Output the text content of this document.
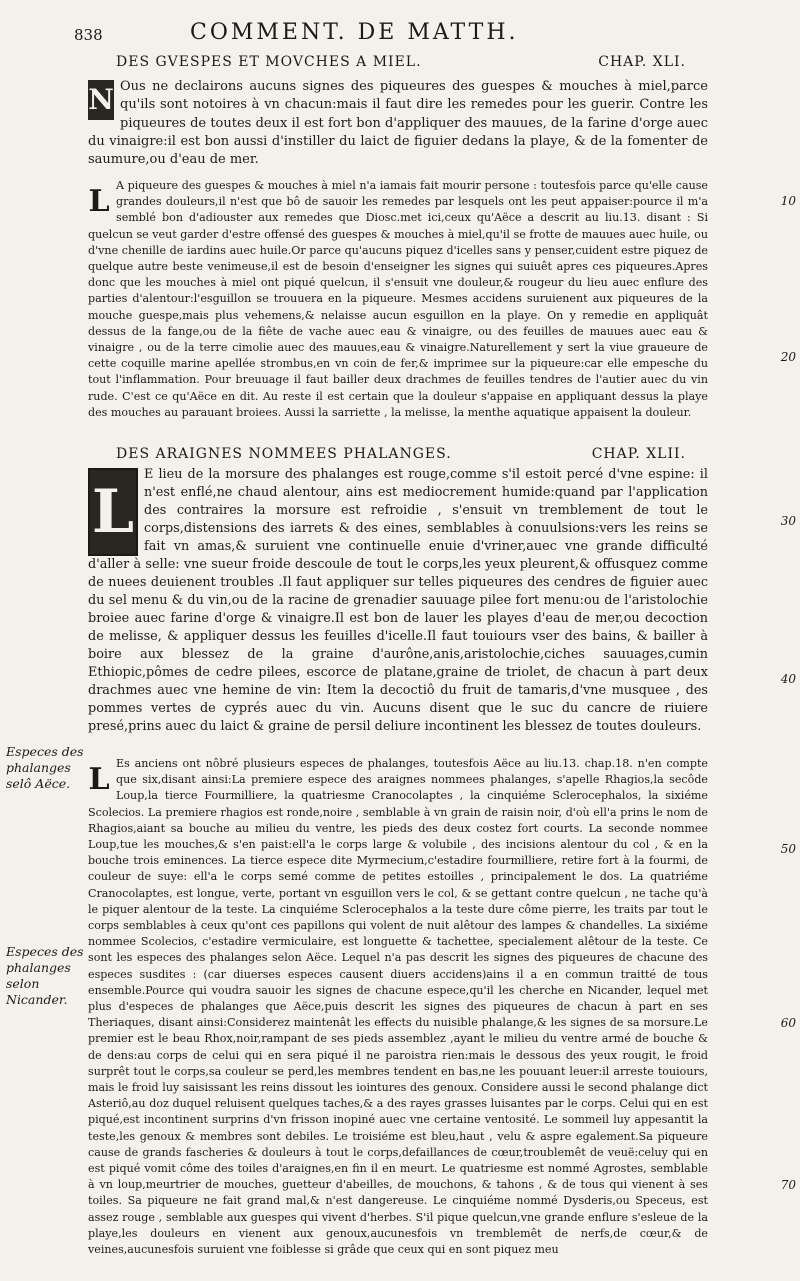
838	COMMENT. DE MATTH.
DES GVESPES ET MOVCHES A MIEL.	CHAP. XLI.

N Ous ne declairons aucuns signes des piqueures des guespes & mouches à miel,parce qu'ils sont notoires à vn chacun:mais il faut dire les remedes pour les guerir. Contre les piqueures de toutes deux il est fort bon d'appliquer des mauues, de la farine d'orge auec du vinaigre:il est bon aussi d'instiller du laict de figuier dedans la playe, & de la fomenter de saumure,ou d'eau de mer.

L A piqueure des guespes & mouches à miel n'a iamais fait mourir persone : toutesfois parce qu'elle cause grandes douleurs,il n'est que bô de sauoir les remedes par lesquels ont les peut appaiser:pource il m'a semblé bon d'adiouster aux remedes que Diosc.met ici,ceux qu'Aëce a descrit au liu.13. disant : Si quelcun se veut garder d'estre offensé des guespes & mouches à miel,qu'il se frotte de mauues auec huile, ou d'vne chenille de iardins auec huile.Or parce qu'aucuns piquez d'icelles sans y penser,cuident estre piquez de quelque autre beste venimeuse,il est de besoin d'enseigner les signes qui suiuêt apres ces piqueures.Apres donc que les mouches à miel ont piqué quelcun, il s'ensuit vne douleur,& rougeur du lieu auec enflure des parties d'alentour:l'esguillon se trouuera en la piqueure. Mesmes accidens suruienent aux piqueures de la mouche guespe,mais plus vehemens,& nelaisse aucun esguillon en la playe. On y remedie en appliquât dessus de la fange,ou de la fiête de vache auec eau & vinaigre, ou des feuilles de mauues auec eau & vinaigre , ou de la terre cimolie auec des mauues,eau & vinaigre.Naturellement y sert la viue graueure de cette coquille marine apellée strombus,en vn coin de fer,& imprimee sur la piqueure:car elle empesche du tout l'inflammation. Pour breuuage il faut bailler deux drachmes de feuilles tendres de l'autier auec du vin rude. C'est ce qu'Aëce en dit. Au reste il est certain que la douleur s'appaise en appliquant dessus la playe des mouches au parauant broiees. Aussi la sarriette , la melisse, la menthe aquatique appaisent la douleur.

DES ARAIGNES NOMMEES PHALANGES.	CHAP. XLII.

L
E lieu de la morsure des phalanges est rouge,comme s'il estoit percé d'vne espine: il n'est enflé,ne chaud alentour, ains est mediocrement humide:quand par l'application des contraires la morsure est refroidie , s'ensuit vn tremblement de tout le corps,distensions des iarrets & des eines, semblables à conuulsions:vers les reins se fait vn amas,& suruient vne continuelle enuie d'vriner,auec vne grande difficulté d'aller à selle: vne sueur froide descoule de tout le corps,les yeux pleurent,& offusquez comme de nuees deuienent troubles .Il faut appliquer sur telles piqueures des cendres de figuier auec du sel menu & du vin,ou de la racine de grenadier sauuage pilee fort menu:ou de l'aristolochie broiee auec farine d'orge & vinaigre.Il est bon de lauer les playes d'eau de mer,ou decoction de melisse, & appliquer dessus les feuilles d'icelle.Il faut touiours vser des bains, & bailler à boire aux blessez de la graine d'aurône,anis,aristolochie,ciches sauuages,cumin Ethiopic,pômes de cedre pilees, escorce de platane,graine de triolet, de chacun à part deux drachmes auec vne hemine de vin: Item la decoctiô du fruit de tamaris,d'vne musquee , des pommes vertes de cyprés auec du vin. Aucuns disent que le suc du cancre de riuiere presé,prins auec du laict & graine de persil deliure incontinent les blessez de toutes douleurs.

L Es anciens ont nôbré plusieurs especes de phalanges, toutesfois Aëce au liu.13. chap.18. n'en compte que six,disant ainsi:La premiere espece des araignes nommees phalanges, s'apelle Rhagios,la secôde Loup,la tierce Fourmilliere, la quatriesme Cranocolaptes , la cinquiéme Sclerocephalos, la sixiéme Scolecios. La premiere rhagios est ronde,noire , semblable à vn grain de raisin noir, d'où ell'a prins le nom de Rhagios,aiant sa bouche au milieu du ventre, les pieds des deux costez fort courts. La seconde nommee Loup,tue les mouches,& s'en paist:ell'a le corps large & volubile , des incisions alentour du col , & en la bouche trois eminences. La tierce espece dite Myrmecium,c'estadire fourmilliere, retire fort à la fourmi, de couleur de suye: ell'a le corps semé comme de petites estoilles , principalement le dos. La quatriéme Cranocolaptes, est longue, verte, portant vn esguillon vers le col, & se gettant contre quelcun , ne tache qu'à le piquer alentour de la teste. La cinquiéme Sclerocephalos a la teste dure côme pierre, les traits par tout le corps semblables à ceux qu'ont ces papillons qui volent de nuit alêtour des lampes & chandelles. La sixiéme nommee Scolecios, c'estadire vermiculaire, est longuette & tachettee, specialement alêtour de la teste. Ce sont les especes des phalanges selon Aëce. Lequel n'a pas descrit les signes des piqueures de chacune des especes susdites : (car diuerses especes causent diuers accidens)ains il a en commun traitté de tous ensemble.Pource qui voudra sauoir les signes de chacune espece,qu'il les cherche en Nicander, lequel met plus d'especes de phalanges que Aëce,puis descrit les signes des piqueures de chacun à part en ses Theriaques, disant ainsi:Considerez maintenât les effects du nuisible phalange,& les signes de sa morsure.Le premier est le beau Rhox,noir,rampant de ses pieds assemblez ,ayant le milieu du ventre armé de bouche & de dens:au corps de celui qui en sera piqué il ne paroistra rien:mais le dessous des yeux rougit, le froid surprêt tout le corps,sa couleur se perd,les membres tendent en bas,ne les pouuant leuer:il arreste touiours, mais le froid luy saisissant les reins dissout les iointures des genoux. Considere aussi le second phalange dict Asteriô,au doz duquel reluisent quelques taches,& a des rayes grasses luisantes par le corps. Celui qui en est piqué,est incontinent surprins d'vn frisson inopiné auec vne certaine ventosité. Le sommeil luy appesantit la teste,les genoux & membres sont debiles. Le troisiéme est bleu,haut , velu & aspre egalement.Sa piqueure cause de grands fascheries & douleurs à tout le corps,defaillances de cœur,troublemêt de veuë:celuy qui en est piqué vomit côme des toiles d'araignes,en fin il en meurt. Le quatriesme est nommé Agrostes, semblable à vn loup,meurtrier de mouches, guetteur d'abeilles, de mouchons, & tahons , & de tous qui vienent à ses toiles. Sa piqueure ne fait grand mal,& n'est dangereuse. Le cinquiéme nommé Dysderis,ou Speceus, est assez rouge , semblable aux guespes qui vivent d'herbes. S'il pique quelcun,vne grande enflure s'esleue de la playe,les douleurs en vienent aux genoux,aucunesfois vn tremblemêt de nerfs,de cœur,& de veines,aucunesfois suruient vne foiblesse si grâde que ceux qui en sont piquez meu

Especes des phalanges selô Aëce.
Especes des phalanges selon Nicander.
10
20
30
40
50
60
70
